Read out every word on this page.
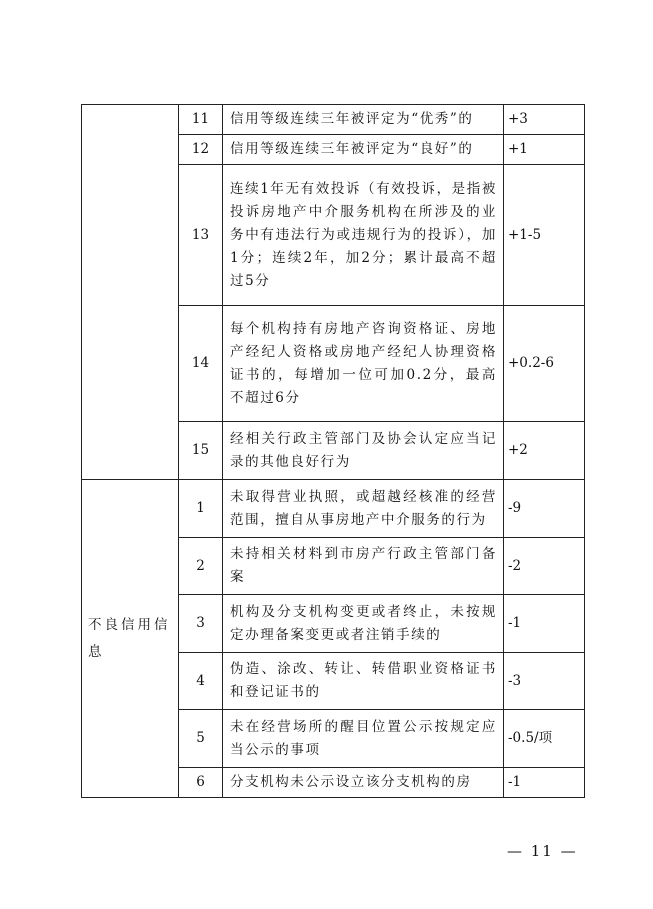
	11	信用等级连续三年被评定为“优秀”的	+3
	12	信用等级连续三年被评定为“良好”的	+1
	13	连续1年无有效投诉（有效投诉，是指被投诉房地产中介服务机构在所涉及的业务中有违法行为或违规行为的投诉），加1分；连续2年，加2分；累计最高不超过5分	+1-5
	14	每个机构持有房地产咨询资格证、房地产经纪人资格或房地产经纪人协理资格证书的，每增加一位可加0.2分，最高不超过6分	+0.2-6
	15	经相关行政主管部门及协会认定应当记录的其他良好行为	+2
不良信用信息	1	未取得营业执照，或超越经核准的经营范围，擅自从事房地产中介服务的行为	-9
	2	未持相关材料到市房产行政主管部门备案	-2
	3	机构及分支机构变更或者终止，未按规定办理备案变更或者注销手续的	-1
	4	伪造、涂改、转让、转借职业资格证书和登记证书的	-3
	5	未在经营场所的醒目位置公示按规定应当公示的事项	-0.5/项
	6	分支机构未公示设立该分支机构的房	-1
— 11 —
